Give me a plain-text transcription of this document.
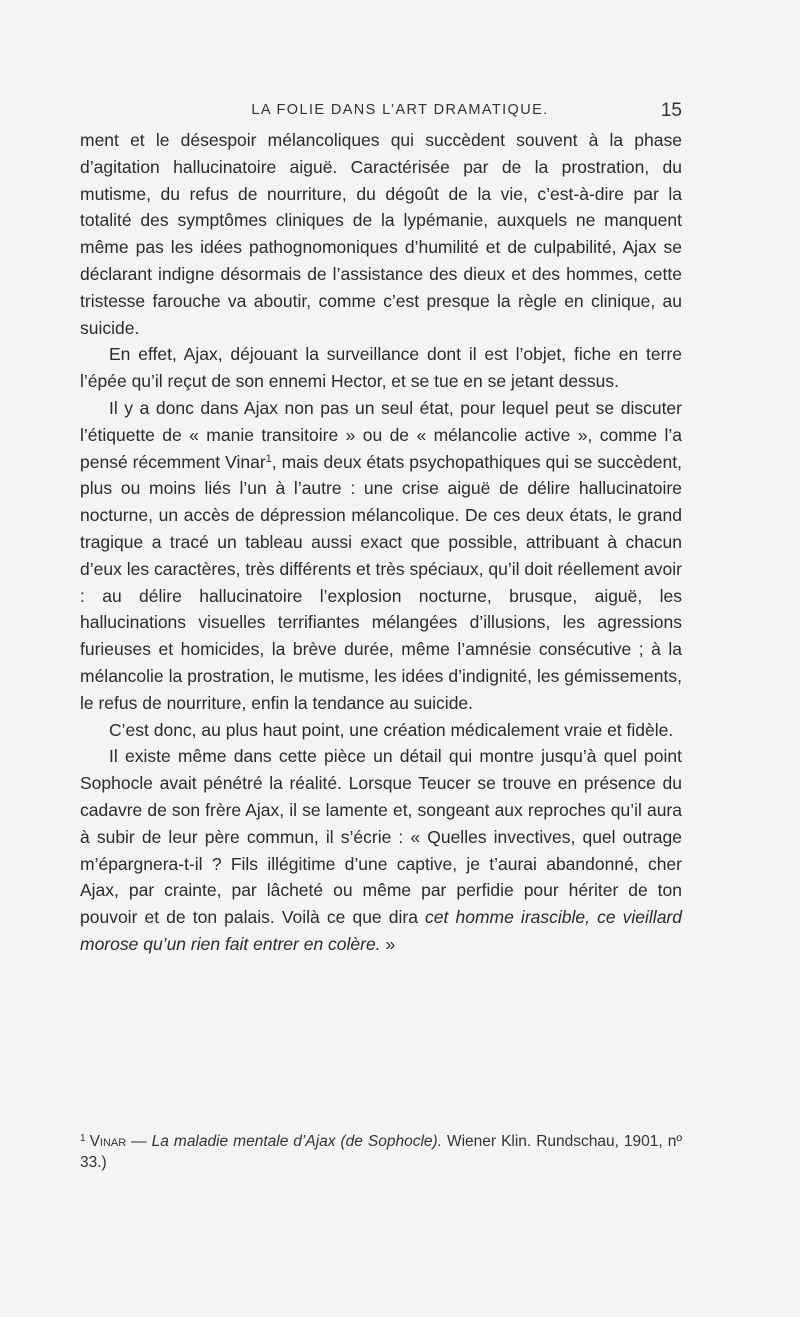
LA FOLIE DANS L’ART DRAMATIQUE.	15

ment et le désespoir mélancoliques qui succèdent souvent à la phase d’agitation hallucinatoire aiguë. Caractérisée par de la prostration, du mutisme, du refus de nourriture, du dégoût de la vie, c’est-à-dire par la totalité des symptômes cliniques de la lypémanie, auxquels ne manquent même pas les idées pathognomoniques d’humilité et de culpabilité, Ajax se déclarant indigne désormais de l’assistance des dieux et des hommes, cette tristesse farouche va aboutir, comme c’est presque la règle en clinique, au suicide.

En effet, Ajax, déjouant la surveillance dont il est l’objet, fiche en terre l’épée qu’il reçut de son ennemi Hector, et se tue en se jetant dessus.

Il y a donc dans Ajax non pas un seul état, pour lequel peut se discuter l’étiquette de « manie transitoire » ou de « mélancolie active », comme l’a pensé récemment Vinar$^1$, mais deux états psychopathiques qui se succèdent, plus ou moins liés l’un à l’autre : une crise aiguë de délire hallucinatoire nocturne, un accès de dépression mélancolique. De ces deux états, le grand tragique a tracé un tableau aussi exact que possible, attribuant à chacun d’eux les caractères, très différents et très spéciaux, qu’il doit réellement avoir : au délire hallucinatoire l’explosion nocturne, brusque, aiguë, les hallucinations visuelles terrifiantes mélangées d’illusions, les agressions furieuses et homicides, la brève durée, même l’amnésie consécutive ; à la mélancolie la prostration, le mutisme, les idées d’indignité, les gémissements, le refus de nourriture, enfin la tendance au suicide.

C’est donc, au plus haut point, une création médicalement vraie et fidèle.

Il existe même dans cette pièce un détail qui montre jusqu’à quel point Sophocle avait pénétré la réalité. Lorsque Teucer se trouve en présence du cadavre de son frère Ajax, il se lamente et, songeant aux reproches qu’il aura à subir de leur père commun, il s’écrie : « Quelles invectives, quel outrage m’épargnera-t-il ? Fils illégitime d’une captive, je t’aurai abandonné, cher Ajax, par crainte, par lâcheté ou même par perfidie pour hériter de ton pouvoir et de ton palais. Voilà ce que dira cet homme irascible, ce vieillard morose qu’un rien fait entrer en colère. »

$^1$ Vinar — La maladie mentale d’Ajax (de Sophocle). Wiener Klin. Rundschau, 1901, nº 33.)
